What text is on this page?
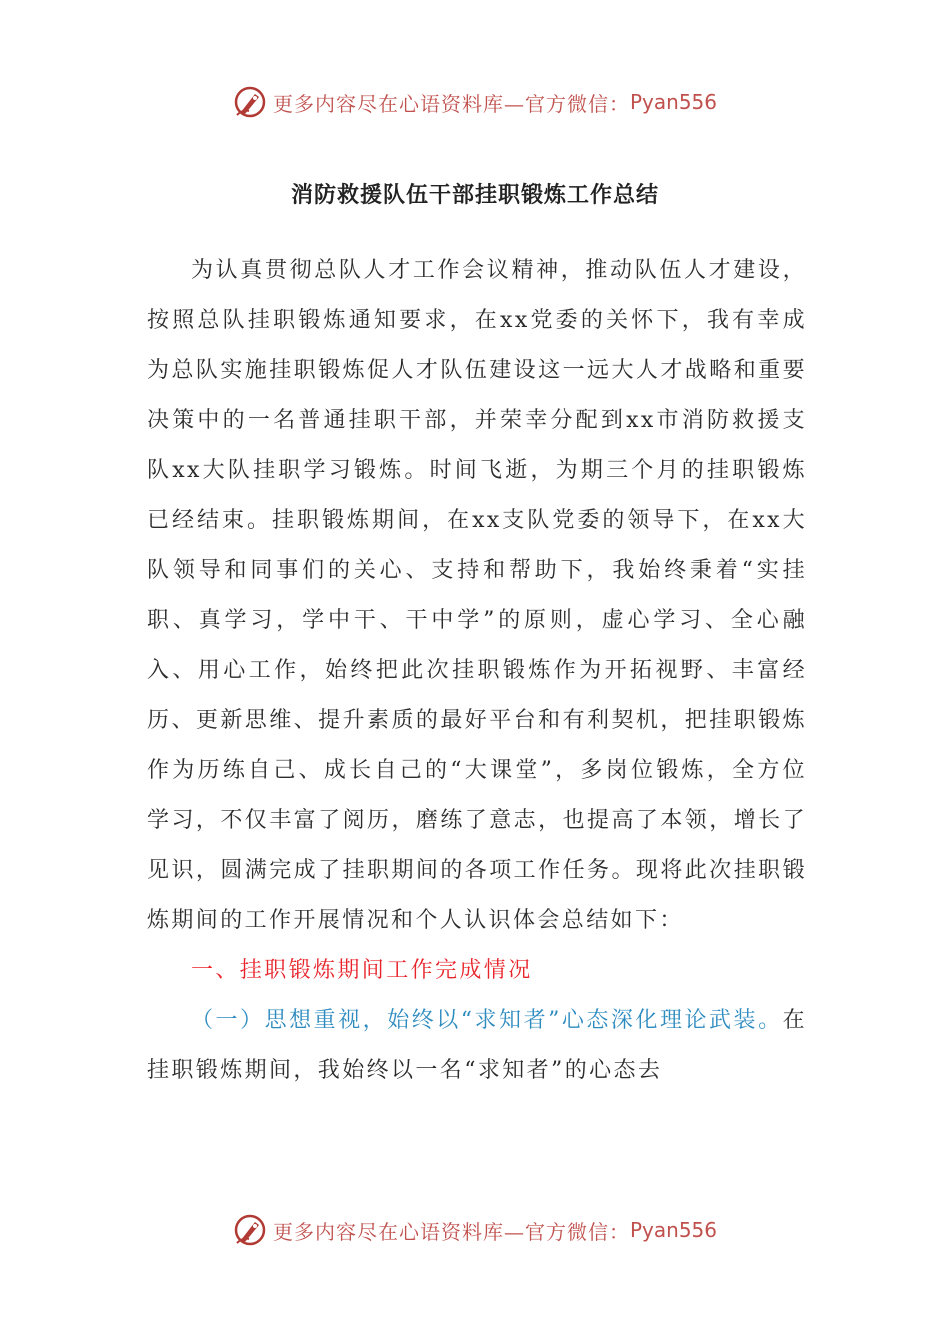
更多内容尽在心语资料库—官方微信： Pyan556
消防救援队伍干部挂职锻炼工作总结

为认真贯彻总队人才工作会议精神，推动队伍人才建设，按照总队挂职锻炼通知要求，在xx党委的关怀下，我有幸成为总队实施挂职锻炼促人才队伍建设这一远大人才战略和重要决策中的一名普通挂职干部，并荣幸分配到xx市消防救援支队xx大队挂职学习锻炼。时间飞逝，为期三个月的挂职锻炼已经结束。挂职锻炼期间，在xx支队党委的领导下，在xx大队领导和同事们的关心、支持和帮助下，我始终秉着“实挂职、真学习，学中干、干中学”的原则，虚心学习、全心融入、用心工作，始终把此次挂职锻炼作为开拓视野、丰富经历、更新思维、提升素质的最好平台和有利契机，把挂职锻炼作为历练自己、成长自己的“大课堂”，多岗位锻炼，全方位学习，不仅丰富了阅历，磨练了意志，也提高了本领，增长了见识，圆满完成了挂职期间的各项工作任务。现将此次挂职锻炼期间的工作开展情况和个人认识体会总结如下：

一、挂职锻炼期间工作完成情况

（一）思想重视，始终以“求知者”心态深化理论武装。在挂职锻炼期间，我始终以一名“求知者”的心态去

更多内容尽在心语资料库—官方微信： Pyan556
